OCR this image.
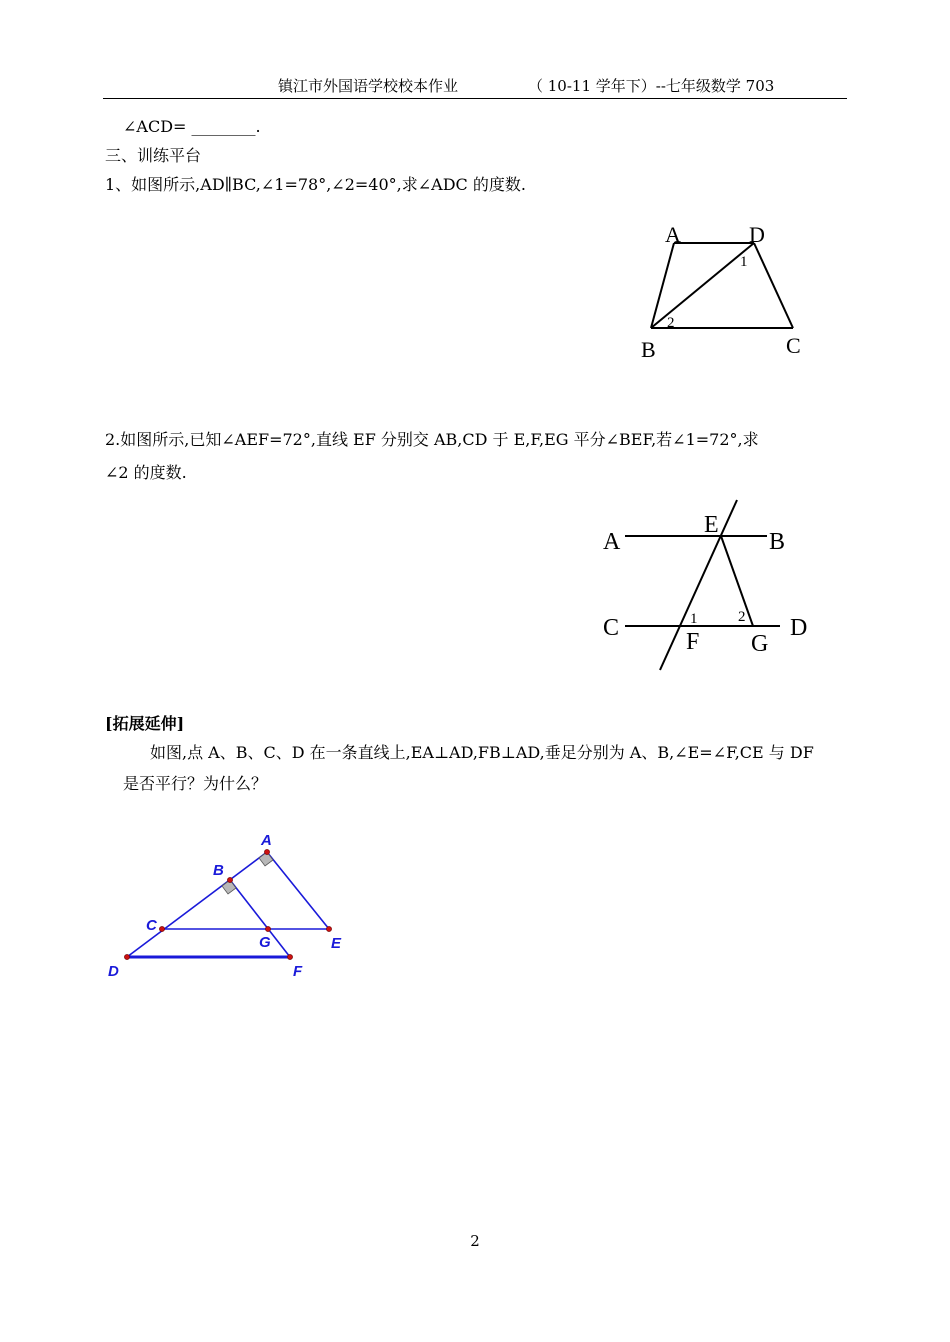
镇江市外国语学校校本作业	（ 10-11 学年下）--七年级数学 703
∠ACD= ________.
三、训练平台
1、如图所示,AD∥BC,∠1=78°,∠2=40°,求∠ADC 的度数.
A	D
B	C
1
2
2.如图所示,已知∠AEF=72°,直线 EF 分别交 AB,CD 于 E,F,EG 平分∠BEF,若∠1=72°,求
∠2 的度数.
A
E
B
C
F G
D
1	2
[拓展延伸]
如图,点 A、B、C、D 在一条直线上,EA⊥AD,FB⊥AD,垂足分别为 A、B,∠E=∠F,CE 与 DF
是否平行？为什么？
A
B
C
G	E
D	F
2
